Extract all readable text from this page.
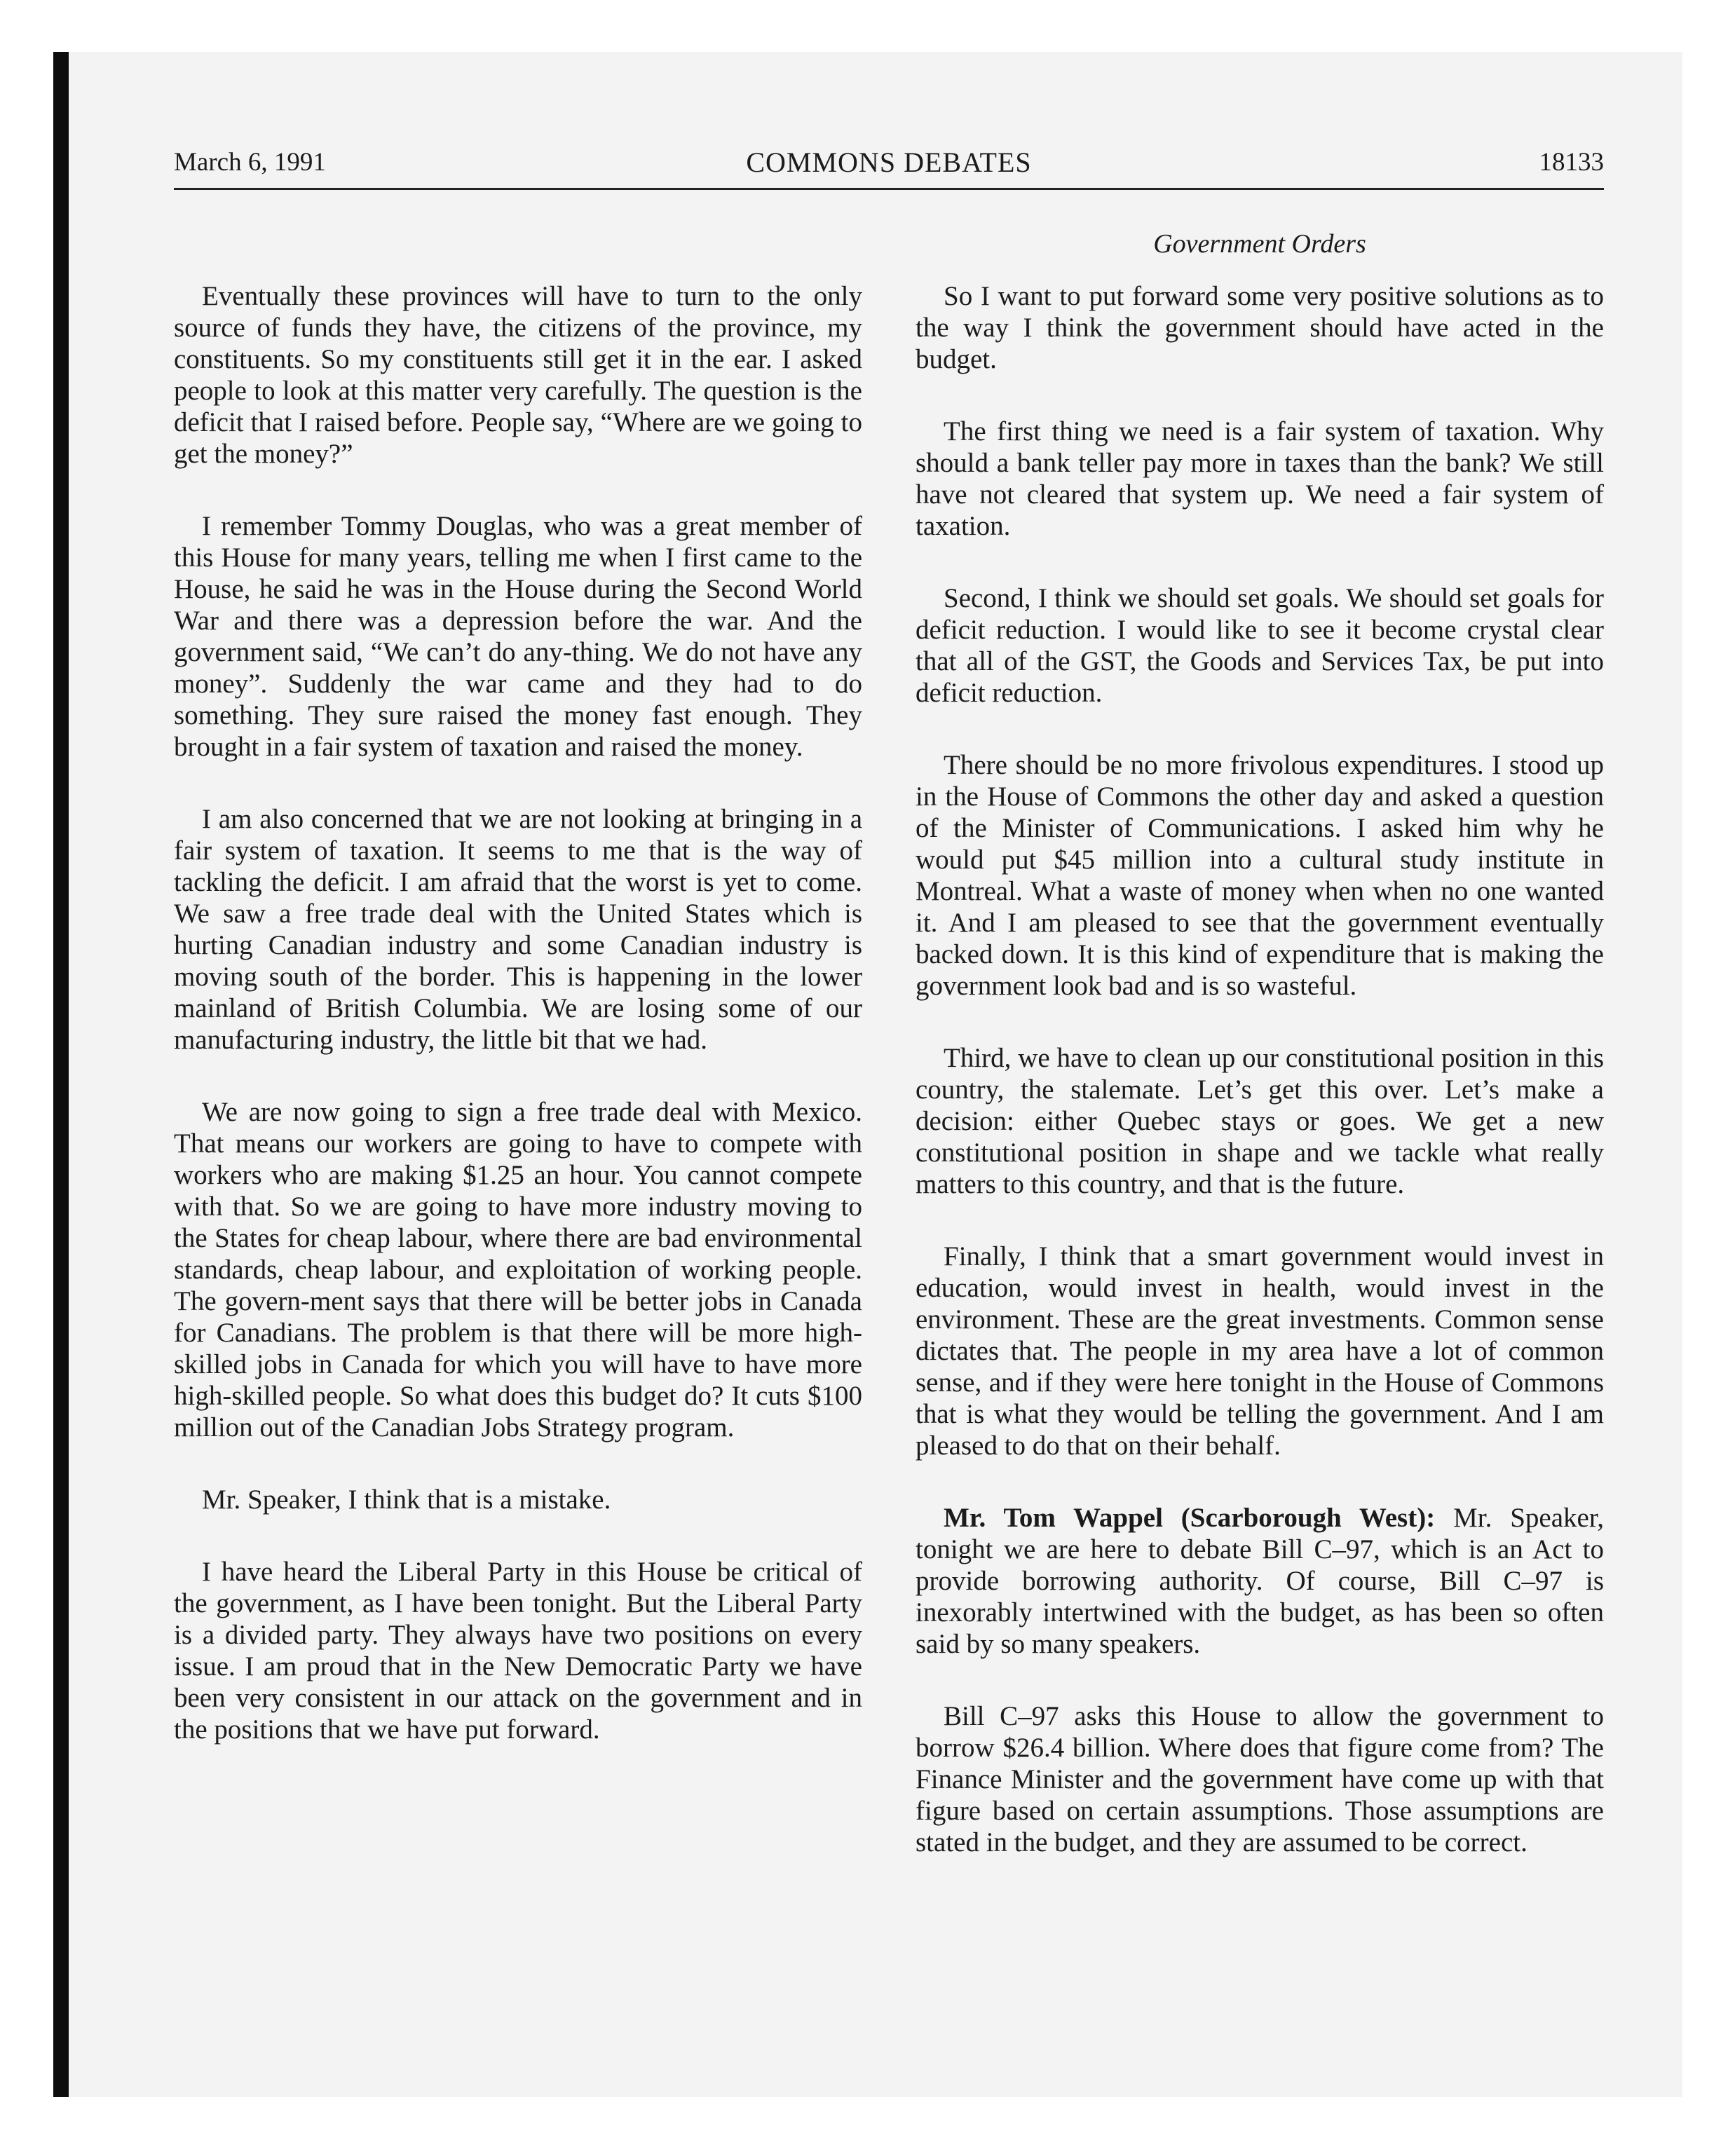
March 6, 1991	COMMONS DEBATES	18133
Government Orders

Eventually these provinces will have to turn to the only source of funds they have, the citizens of the province, my constituents. So my constituents still get it in the ear. I asked people to look at this matter very carefully. The question is the deficit that I raised before. People say, “Where are we going to get the money?”

I remember Tommy Douglas, who was a great member of this House for many years, telling me when I first came to the House, he said he was in the House during the Second World War and there was a depression before the war. And the government said, “We can’t do any-thing. We do not have any money”. Suddenly the war came and they had to do something. They sure raised the money fast enough. They brought in a fair system of taxation and raised the money.

I am also concerned that we are not looking at bringing in a fair system of taxation. It seems to me that is the way of tackling the deficit. I am afraid that the worst is yet to come. We saw a free trade deal with the United States which is hurting Canadian industry and some Canadian industry is moving south of the border. This is happening in the lower mainland of British Columbia. We are losing some of our manufacturing industry, the little bit that we had.

We are now going to sign a free trade deal with Mexico. That means our workers are going to have to compete with workers who are making $1.25 an hour. You cannot compete with that. So we are going to have more industry moving to the States for cheap labour, where there are bad environmental standards, cheap labour, and exploitation of working people. The govern-ment says that there will be better jobs in Canada for Canadians. The problem is that there will be more high-skilled jobs in Canada for which you will have to have more high-skilled people. So what does this budget do? It cuts $100 million out of the Canadian Jobs Strategy program.

Mr. Speaker, I think that is a mistake.

I have heard the Liberal Party in this House be critical of the government, as I have been tonight. But the Liberal Party is a divided party. They always have two positions on every issue. I am proud that in the New Democratic Party we have been very consistent in our attack on the government and in the positions that we have put forward.

So I want to put forward some very positive solutions as to the way I think the government should have acted in the budget.

The first thing we need is a fair system of taxation. Why should a bank teller pay more in taxes than the bank? We still have not cleared that system up. We need a fair system of taxation.

Second, I think we should set goals. We should set goals for deficit reduction. I would like to see it become crystal clear that all of the GST, the Goods and Services Tax, be put into deficit reduction.

There should be no more frivolous expenditures. I stood up in the House of Commons the other day and asked a question of the Minister of Communications. I asked him why he would put $45 million into a cultural study institute in Montreal. What a waste of money when when no one wanted it. And I am pleased to see that the government eventually backed down. It is this kind of expenditure that is making the government look bad and is so wasteful.

Third, we have to clean up our constitutional position in this country, the stalemate. Let’s get this over. Let’s make a decision: either Quebec stays or goes. We get a new constitutional position in shape and we tackle what really matters to this country, and that is the future.

Finally, I think that a smart government would invest in education, would invest in health, would invest in the environment. These are the great investments. Common sense dictates that. The people in my area have a lot of common sense, and if they were here tonight in the House of Commons that is what they would be telling the government. And I am pleased to do that on their behalf.

Mr. Tom Wappel (Scarborough West): Mr. Speaker, tonight we are here to debate Bill C–97, which is an Act to provide borrowing authority. Of course, Bill C–97 is inexorably intertwined with the budget, as has been so often said by so many speakers.

Bill C–97 asks this House to allow the government to borrow $26.4 billion. Where does that figure come from? The Finance Minister and the government have come up with that figure based on certain assumptions. Those assumptions are stated in the budget, and they are assumed to be correct.
